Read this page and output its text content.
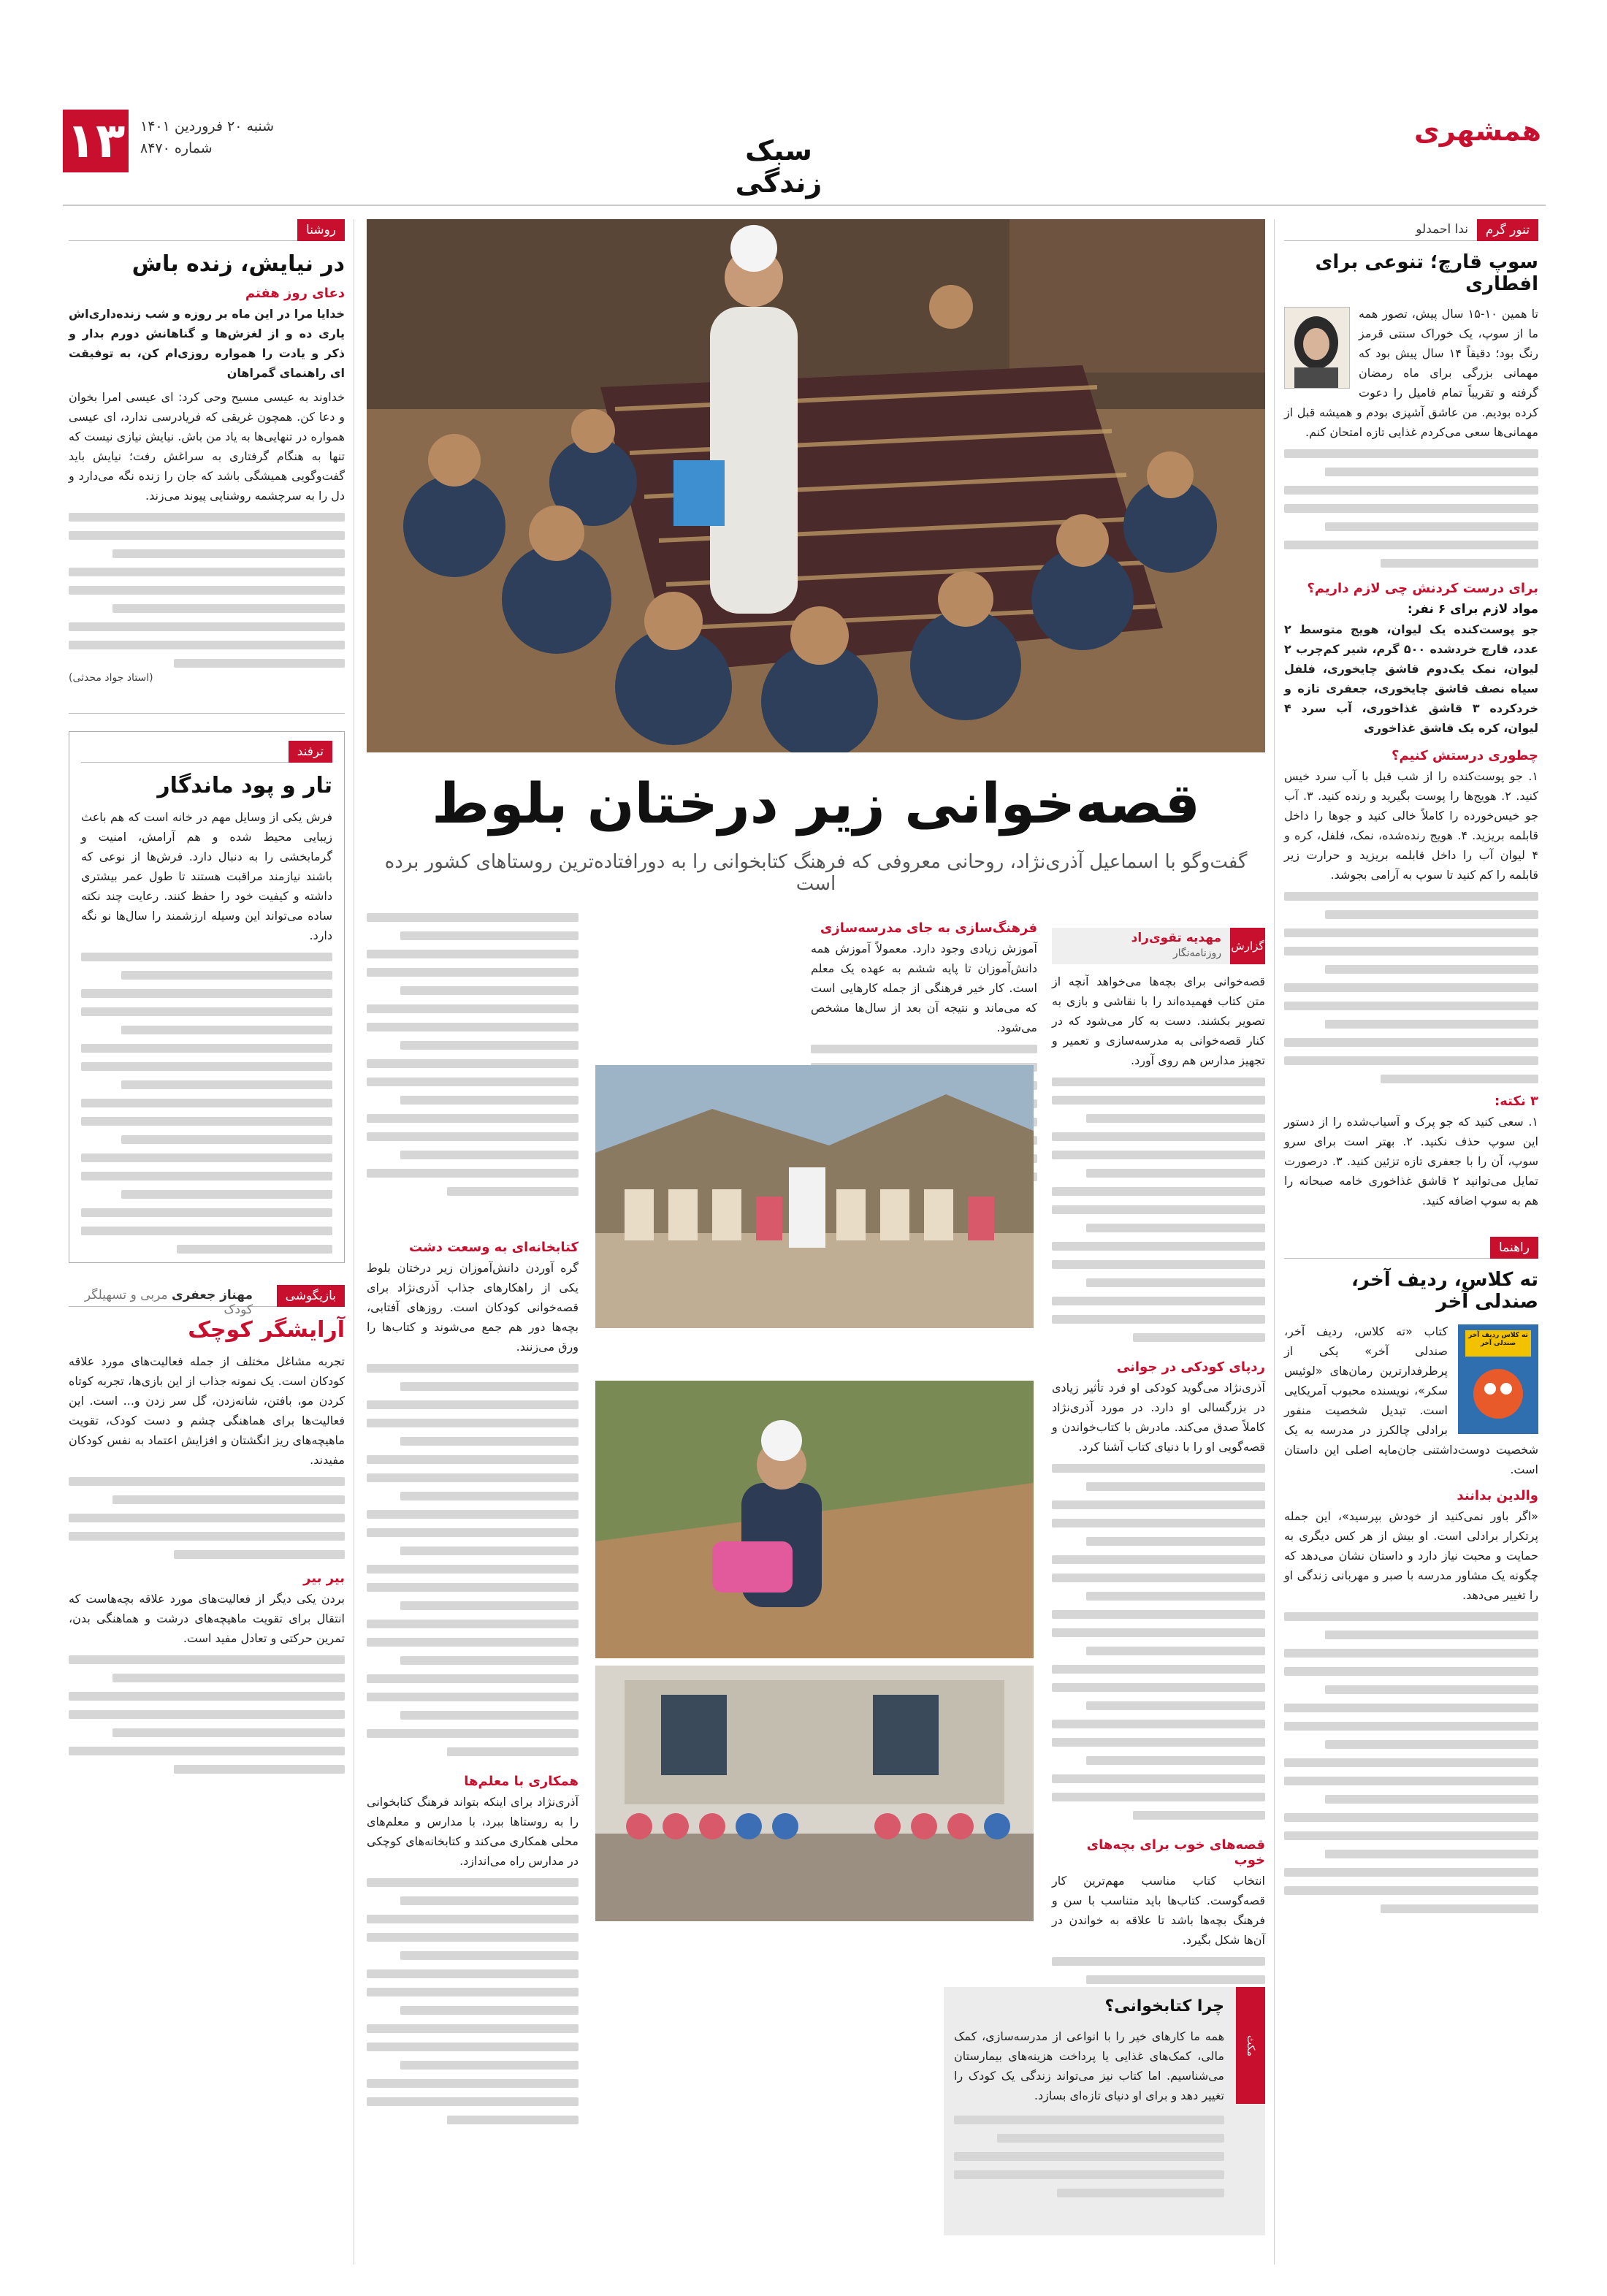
۱۳ شنبه ۲۰ فروردین ۱۴۰۱
شماره ۸۴۷۰
همشهری
سبک زندگی
روشنا
در نیایش، زنده باش
دعای روز هفتم

خدایا مرا در این ماه بر روزه و شب زنده‌داری‌اش یاری ده و از لغزش‌ها و گناهانش دورم بدار و ذکر و یادت را همواره روزی‌ام کن، به توفیقت ای راهنمای گمراهان

خداوند به عیسی مسیح وحی کرد: ای عیسی امرا بخوان و دعا کن. همچون غریقی که فریادرسی ندارد، ای عیسی همواره در تنهایی‌ها به یاد من باش. نیایش نیازی نیست که تنها به هنگام گرفتاری به سراغش رفت؛ نیایش باید گفت‌وگویی همیشگی باشد که جان را زنده نگه می‌دارد و دل را به سرچشمه روشنایی پیوند می‌زند.

(استاد جواد محدثی)
ترفند
تار و پود ماندگار

فرش یکی از وسایل مهم در خانه است که هم باعث زیبایی محیط شده و هم آرامش، امنیت و گرمابخشی را به دنبال دارد. فرش‌ها از نوعی که باشند نیازمند مراقبت هستند تا طول عمر بیشتری داشته و کیفیت خود را حفظ کنند. رعایت چند نکته ساده می‌تواند این وسیله ارزشمند را سال‌ها نو نگه دارد.

بازیگوشی
مهناز جعفری مربی و تسهیلگر کودک
آرایشگر کوچک

تجربه مشاغل مختلف از جمله فعالیت‌های مورد علاقه کودکان است. یک نمونه جذاب از این بازی‌ها، تجربه کوتاه کردن مو، بافتن، شانه‌زدن، گل سر زدن و... است. این فعالیت‌ها برای هماهنگی چشم و دست کودک، تقویت ماهیچه‌های ریز انگشتان و افزایش اعتماد به نفس کودکان مفیدند.

بیر بیر

بردن یکی دیگر از فعالیت‌های مورد علاقه بچه‌هاست که انتقال برای تقویت ماهیچه‌های درشت و هماهنگی بدن، تمرین حرکتی و تعادل مفید است.

قصه‌خوانی زیر درختان بلوط

گفت‌وگو با اسماعیل آذری‌نژاد، روحانی معروفی که فرهنگ کتابخوانی را به دورافتاده‌ترین روستاهای کشور برده است

گزارش
مهدیه تقوی‌راد
روزنامه‌نگار

قصه‌خوانی برای بچه‌ها می‌خواهد آنچه از متن کتاب فهمیده‌اند را با نقاشی و بازی به تصویر بکشند. دست به کار می‌شود که در کنار قصه‌خوانی به مدرسه‌سازی و تعمیر و تجهیز مدارس هم روی آورد.

ردپای کودکی در جوانی

آذری‌نژاد می‌گوید کودکی او فرد تأثیر زیادی در بزرگسالی او دارد. در مورد آذری‌نژاد کاملاً صدق می‌کند. مادرش با کتاب‌خواندن و قصه‌گویی او را با دنیای کتاب آشنا کرد.

قصه‌های خوب برای بچه‌های خوب

انتخاب کتاب مناسب مهم‌ترین کار قصه‌گوست. کتاب‌ها باید متناسب با سن و فرهنگ بچه‌ها باشد تا علاقه به خواندن در آن‌ها شکل بگیرد.

فرهنگ‌سازی به جای مدرسه‌سازی

آموزش زیادی وجود دارد. معمولاً آموزش همه دانش‌آموزان تا پایه ششم به عهده یک معلم است. کار خیر فرهنگی از جمله کارهایی است که می‌ماند و نتیجه آن بعد از سال‌ها مشخص می‌شود.

کتابخانه‌ای به وسعت دشت

گره آوردن دانش‌آموزان زیر درختان بلوط یکی از راهکارهای جذاب آذری‌نژاد برای قصه‌خوانی کودکان است. روزهای آفتابی، بچه‌ها دور هم جمع می‌شوند و کتاب‌ها را ورق می‌زنند.

همکاری با معلم‌ها

آذری‌نژاد برای اینکه بتواند فرهنگ کتابخوانی را به روستاها ببرد، با مدارس و معلم‌های محلی همکاری می‌کند و کتابخانه‌های کوچکی در مدارس راه می‌اندازد.

مکث
چرا کتابخوانی؟

همه ما کارهای خیر را با انواعی از مدرسه‌سازی، کمک مالی، کمک‌های غذایی یا پرداخت هزینه‌های بیمارستان می‌شناسیم. اما کتاب نیز می‌تواند زندگی یک کودک را تغییر دهد و برای او دنیای تازه‌ای بسازد.

تنور گرم
ندا احمدلو
سوپ قارچ؛ تنوعی برای افطاری

تا همین ۱۰-۱۵ سال پیش، تصور همه ما از سوپ، یک خوراک سنتی قرمز رنگ بود؛ دقیقاً ۱۴ سال پیش بود که مهمانی بزرگی برای ماه رمضان گرفته و تقریباً تمام فامیل را دعوت کرده بودیم. من عاشق آشپزی بودم و همیشه قبل از مهمانی‌ها سعی می‌کردم غذایی تازه امتحان کنم.

برای درست کردنش چی لازم داریم؟
مواد لازم برای ۶ نفر:

جو پوست‌کنده یک لیوان، هویج متوسط ۲ عدد، قارچ خردشده ۵۰۰ گرم، شیر کم‌چرب ۲ لیوان، نمک یک‌دوم قاشق چایخوری، فلفل سیاه نصف قاشق چایخوری، جعفری تازه و خردکرده ۳ قاشق غذاخوری، آب سرد ۴ لیوان، کره یک قاشق غذاخوری

چطوری درستش کنیم؟

۱. جو پوست‌کنده را از شب قبل با آب سرد خیس کنید. ۲. هویج‌ها را پوست بگیرید و رنده کنید. ۳. آب جو خیس‌خورده را کاملاً خالی کنید و جوها را داخل قابلمه بریزید. ۴. هویج رنده‌شده، نمک، فلفل، کره و ۴ لیوان آب را داخل قابلمه بریزید و حرارت زیر قابلمه را کم کنید تا سوپ به آرامی بجوشد.

۳ نکته:

۱. سعی کنید که جو پرک و آسیاب‌شده را از دستور این سوپ حذف نکنید. ۲. بهتر است برای سرو سوپ، آن را با جعفری تازه تزئین کنید. ۳. درصورت تمایل می‌توانید ۲ قاشق غذاخوری خامه صبحانه را هم به سوپ اضافه کنید.

راهنما
ته کلاس، ردیف آخر، صندلی آخر
ته کلاس ردیف آخر صندلی آخر

کتاب «ته کلاس، ردیف آخر، صندلی آخر» یکی از پرطرفدارترین رمان‌های «لوئیس سکر»، نویسنده محبوب آمریکایی است. تبدیل شخصیت منفور برادلی چالکرز در مدرسه به یک شخصیت دوست‌داشتنی جان‌مایه اصلی این داستان است.

والدین بدانند

«اگر باور نمی‌کنید از خودش بپرسید»، این جمله پرتکرار برادلی است. او بیش از هر کس دیگری به حمایت و محبت نیاز دارد و داستان نشان می‌دهد که چگونه یک مشاور مدرسه با صبر و مهربانی زندگی او را تغییر می‌دهد.
